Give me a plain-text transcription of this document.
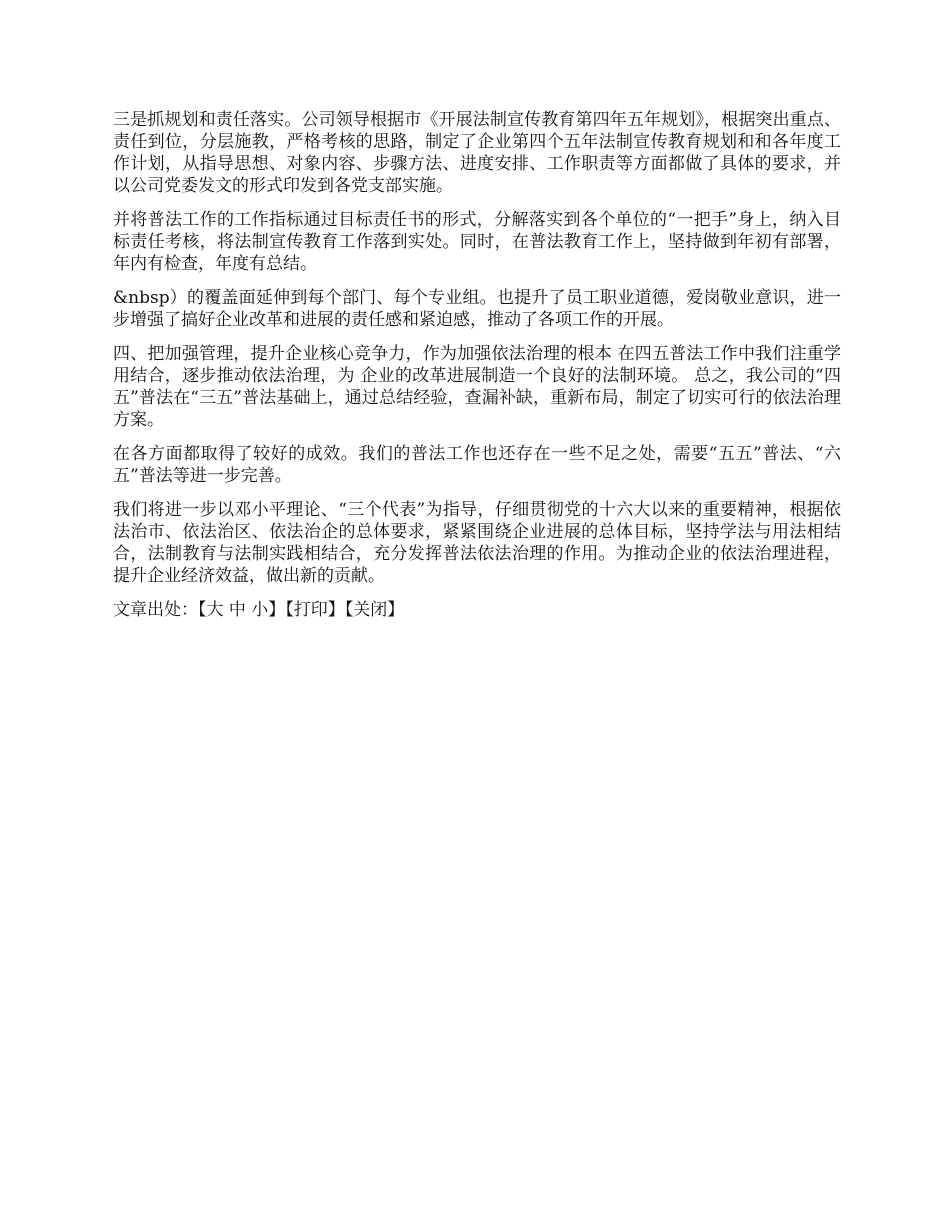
三是抓规划和责任落实。公司领导根据市《开展法制宣传教育第四年五年规划》，根据突出重点、责任到位，分层施教，严格考核的思路，制定了企业第四个五年法制宣传教育规划和和各年度工作计划，从指导思想、对象内容、步骤方法、进度安排、工作职责等方面都做了具体的要求，并以公司党委发文的形式印发到各党支部实施。

并将普法工作的工作指标通过目标责任书的形式，分解落实到各个单位的“一把手”身上，纳入目标责任考核，将法制宣传教育工作落到实处。同时，在普法教育工作上，坚持做到年初有部署，年内有检查，年度有总结。

&nbsp）的覆盖面延伸到每个部门、每个专业组。也提升了员工职业道德，爱岗敬业意识，进一步增强了搞好企业改革和进展的责任感和紧迫感，推动了各项工作的开展。

四、把加强管理，提升企业核心竞争力，作为加强依法治理的根本 在四五普法工作中我们注重学用结合，逐步推动依法治理，为 企业的改革进展制造一个良好的法制环境。 总之，我公司的“四五”普法在“三五”普法基础上，通过总结经验，查漏补缺，重新布局，制定了切实可行的依法治理方案。

在各方面都取得了较好的成效。我们的普法工作也还存在一些不足之处，需要“五五”普法、“六五”普法等进一步完善。

我们将进一步以邓小平理论、“三个代表”为指导，仔细贯彻党的十六大以来的重要精神，根据依法治市、依法治区、依法治企的总体要求，紧紧围绕企业进展的总体目标，坚持学法与用法相结合，法制教育与法制实践相结合，充分发挥普法依法治理的作用。为推动企业的依法治理进程，提升企业经济效益，做出新的贡献。

文章出处：【大 中 小】【打印】【关闭】
